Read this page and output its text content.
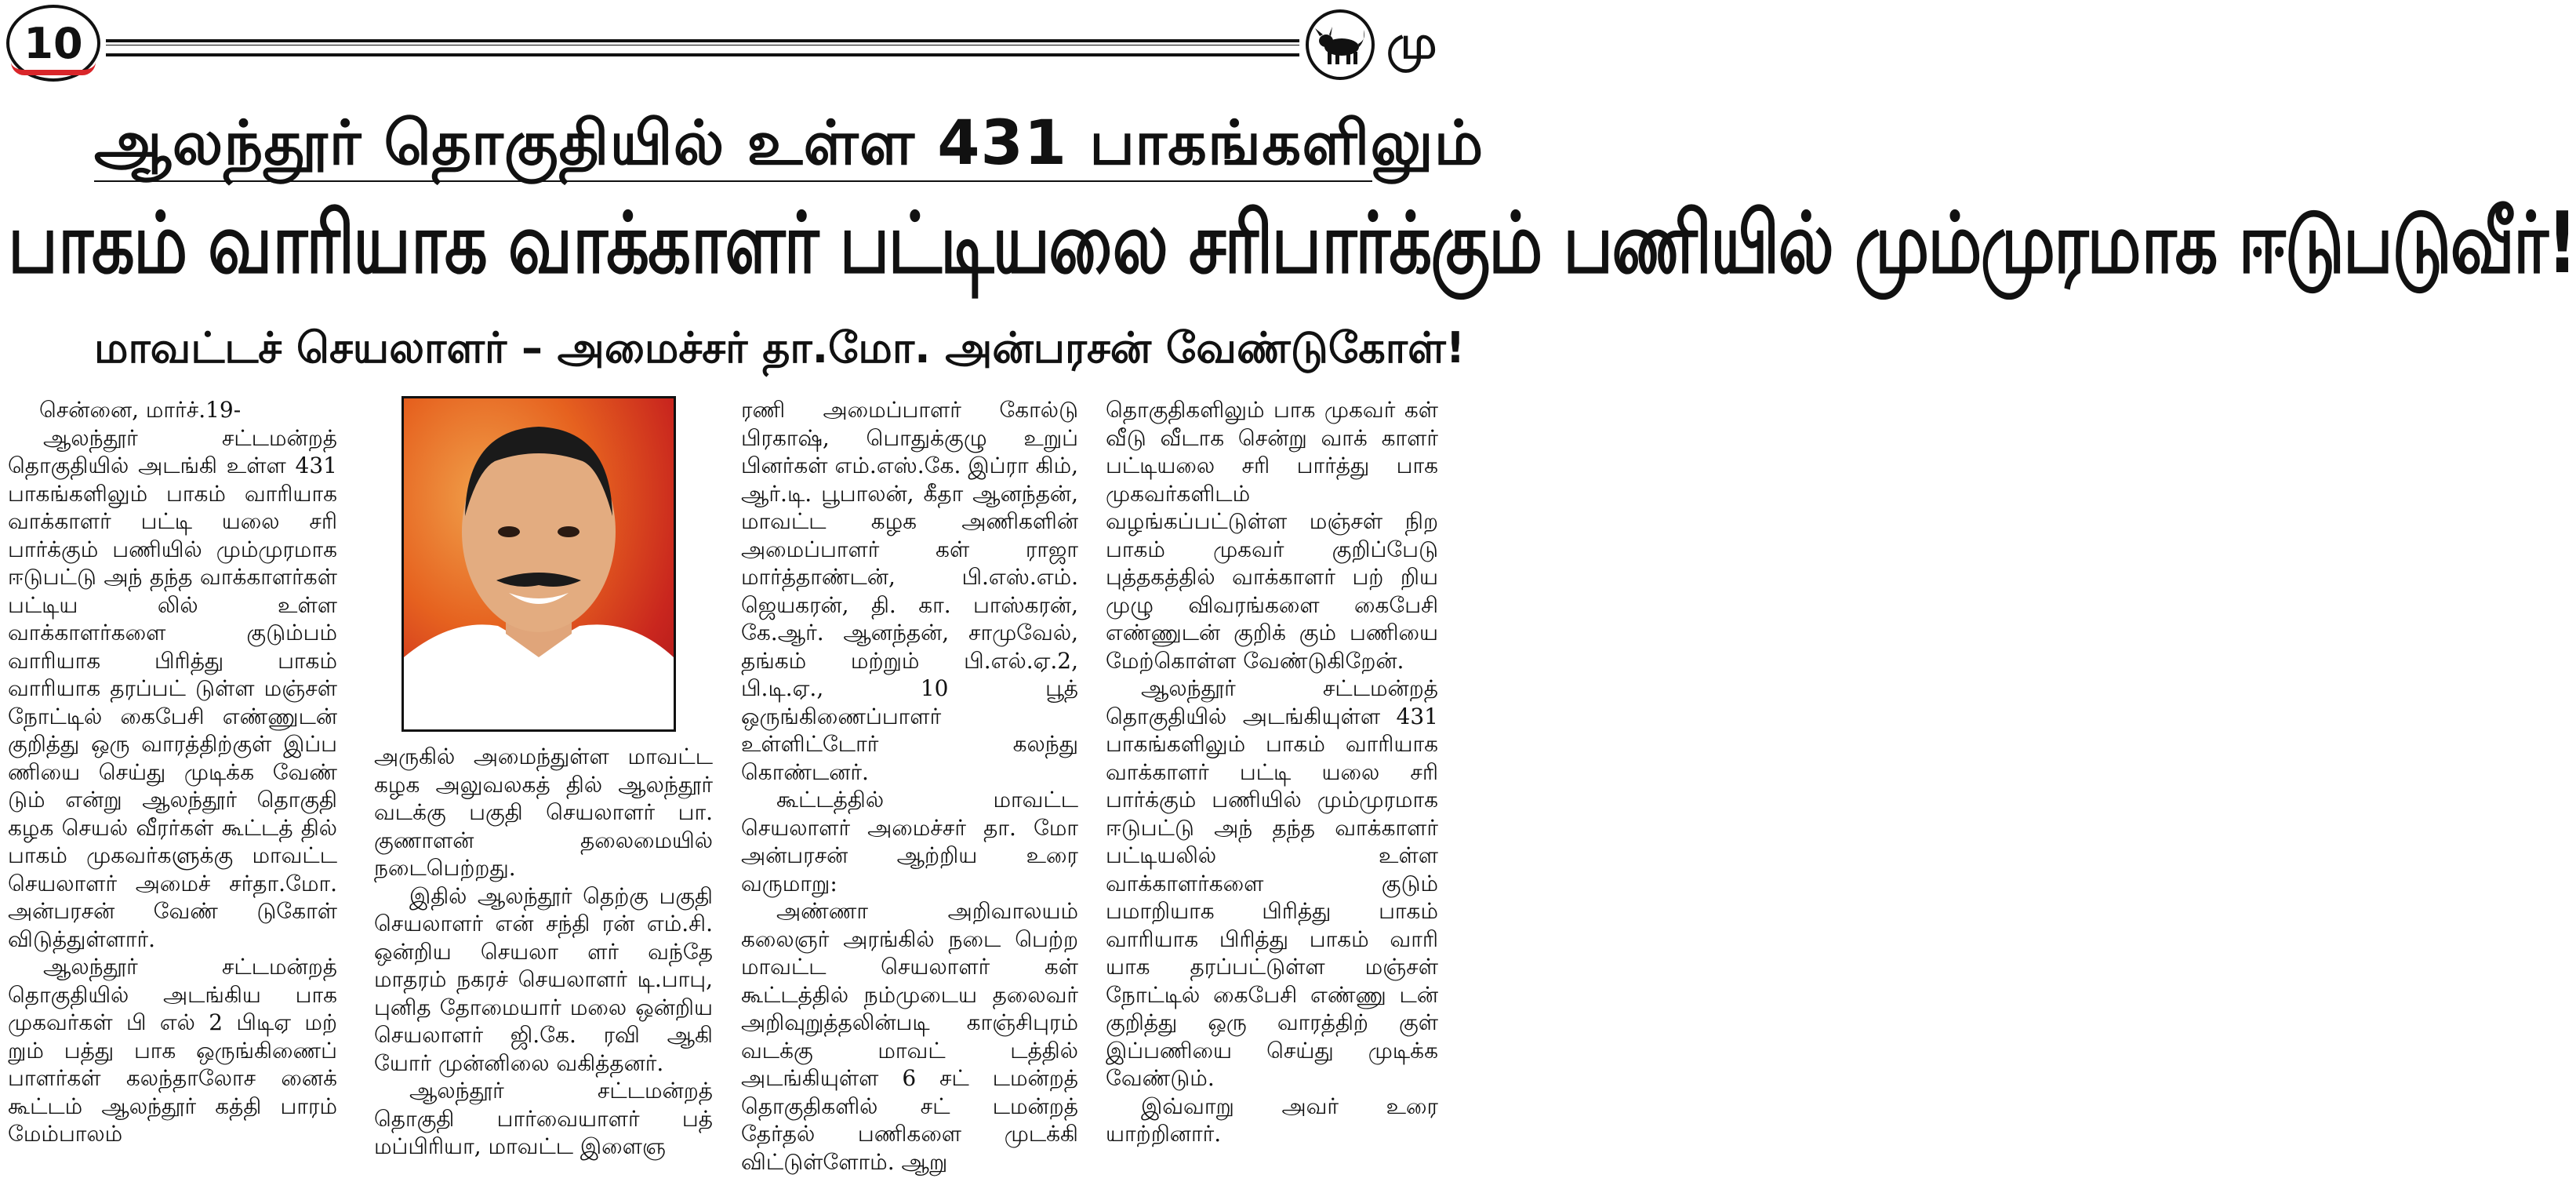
10	மு
ஆலந்தூர் தொகுதியில் உள்ள 431 பாகங்களிலும்
பாகம் வாரியாக வாக்காளர் பட்டியலை சரிபார்க்கும் பணியில் மும்முரமாக ஈடுபடுவீர்!
மாவட்டச் செயலாளர் – அமைச்சர் தா.மோ. அன்பரசன் வேண்டுகோள்!
சென்னை, மார்ச்.19-

ஆலந்தூர் சட்டமன்றத் தொகுதியில் அடங்கி உள்ள 431 பாகங்களிலும் பாகம் வாரியாக வாக்காளர் பட்டி யலை சரி பார்க்கும் பணியில் மும்முரமாக ஈடுபட்டு அந் தந்த வாக்காளர்கள் பட்டிய லில் உள்ள வாக்காளர்களை குடும்பம் வாரியாக பிரித்து பாகம் வாரியாக தரப்பட் டுள்ள மஞ்சள் நோட்டில் கைபேசி எண்ணுடன் குறித்து ஒரு வாரத்திற்குள் இப்ப ணியை செய்து முடிக்க வேண் டும் என்று ஆலந்தூர் தொகுதி கழக செயல் வீரர்கள் கூட்டத் தில் பாகம் முகவர்களுக்கு மாவட்ட செயலாளர் அமைச் சர்தா.மோ. அன்பரசன் வேண் டுகோள் விடுத்துள்ளார்.

ஆலந்தூர் சட்டமன்றத் தொகுதியில் அடங்கிய பாக முகவர்கள் பி எல் 2 பிடிஏ மற் றும் பத்து பாக ஒருங்கிணைப் பாளர்கள் கலந்தாலோச னைக் கூட்டம் ஆலந்தூர் கத்தி பாரம் மேம்பாலம்

அருகில் அமைந்துள்ள மாவட்ட கழக அலுவலகத் தில் ஆலந்தூர் வடக்கு பகுதி செயலாளர் பா. குணாளன் தலைமையில் நடைபெற்றது.

இதில் ஆலந்தூர் தெற்கு பகுதி செயலாளர் என் சந்தி ரன் எம்.சி. ஒன்றிய செயலா ளர் வந்தே மாதரம் நகரச் செயலாளர் டி.பாபு, புனித தோமையார் மலை ஒன்றிய செயலாளர் ஜி.கே. ரவி ஆகி யோர் முன்னிலை வகித்தனர்.

ஆலந்தூர் சட்டமன்றத் தொகுதி பார்வையாளர் பத் மப்பிரியா, மாவட்ட இளைஞ

ரணி அமைப்பாளர் கோல்டு பிரகாஷ், பொதுக்குழு உறுப் பினர்கள் எம்.எஸ்.கே. இப்ரா கிம், ஆர்.டி. பூபாலன், கீதா ஆனந்தன், மாவட்ட கழக அணிகளின் அமைப்பாளர் கள் ராஜா மார்த்தாண்டன், பி.எஸ்.எம். ஜெயகரன், தி. கா. பாஸ்கரன், கே.ஆர். ஆனந்தன், சாமுவேல், தங்கம் மற்றும் பி.எல்.ஏ.2, பி.டி.ஏ., 10 பூத் ஒருங்கிணைப்பாளர் உள்ளிட்டோர் கலந்து கொண்டனர்.

கூட்டத்தில் மாவட்ட செயலாளர் அமைச்சர் தா. மோ அன்பரசன் ஆற்றிய உரை வருமாறு:

அண்ணா அறிவாலயம் கலைஞர் அரங்கில் நடை பெற்ற மாவட்ட செயலாளர் கள் கூட்டத்தில் நம்முடைய தலைவர் அறிவுறுத்தலின்படி காஞ்சிபுரம் வடக்கு மாவட் டத்தில் அடங்கியுள்ள 6 சட் டமன்றத் தொகுதிகளில் சட் டமன்றத் தேர்தல் பணிகளை முடக்கி விட்டுள்ளோம். ஆறு

தொகுதிகளிலும் பாக முகவர் கள் வீடு வீடாக சென்று வாக் காளர் பட்டியலை சரி பார்த்து பாக முகவர்களிடம் வழங்கப்பட்டுள்ள மஞ்சள் நிற பாகம் முகவர் குறிப்பேடு புத்தகத்தில் வாக்காளர் பற் றிய முழு விவரங்களை கைபேசி எண்ணுடன் குறிக் கும் பணியை மேற்கொள்ள வேண்டுகிறேன்.

ஆலந்தூர் சட்டமன்றத் தொகுதியில் அடங்கியுள்ள 431 பாகங்களிலும் பாகம் வாரியாக வாக்காளர் பட்டி யலை சரி பார்க்கும் பணியில் மும்முரமாக ஈடுபட்டு அந் தந்த வாக்காளர் பட்டியலில் உள்ள வாக்காளர்களை குடும் பமாறியாக பிரித்து பாகம் வாரியாக பிரித்து பாகம் வாரி யாக தரப்பட்டுள்ள மஞ்சள் நோட்டில் கைபேசி எண்ணு டன் குறித்து ஒரு வாரத்திற் குள் இப்பணியை செய்து முடிக்க வேண்டும்.

இவ்வாறு அவர் உரை யாற்றினார்.
